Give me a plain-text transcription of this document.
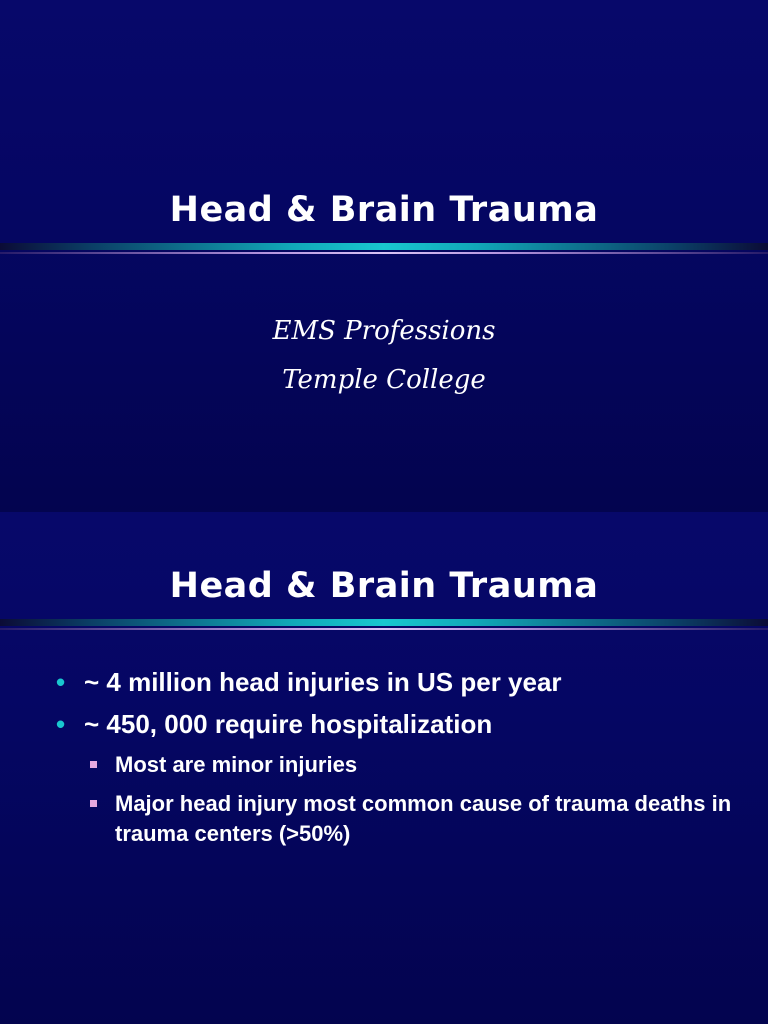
Head & Brain Trauma
EMS Professions
Temple College
Head & Brain Trauma
• ~ 4 million head injuries in US per year
• ~ 450, 000 require hospitalization
Most are minor injuries
Major head injury most common cause of trauma deaths in trauma centers (>50%)
